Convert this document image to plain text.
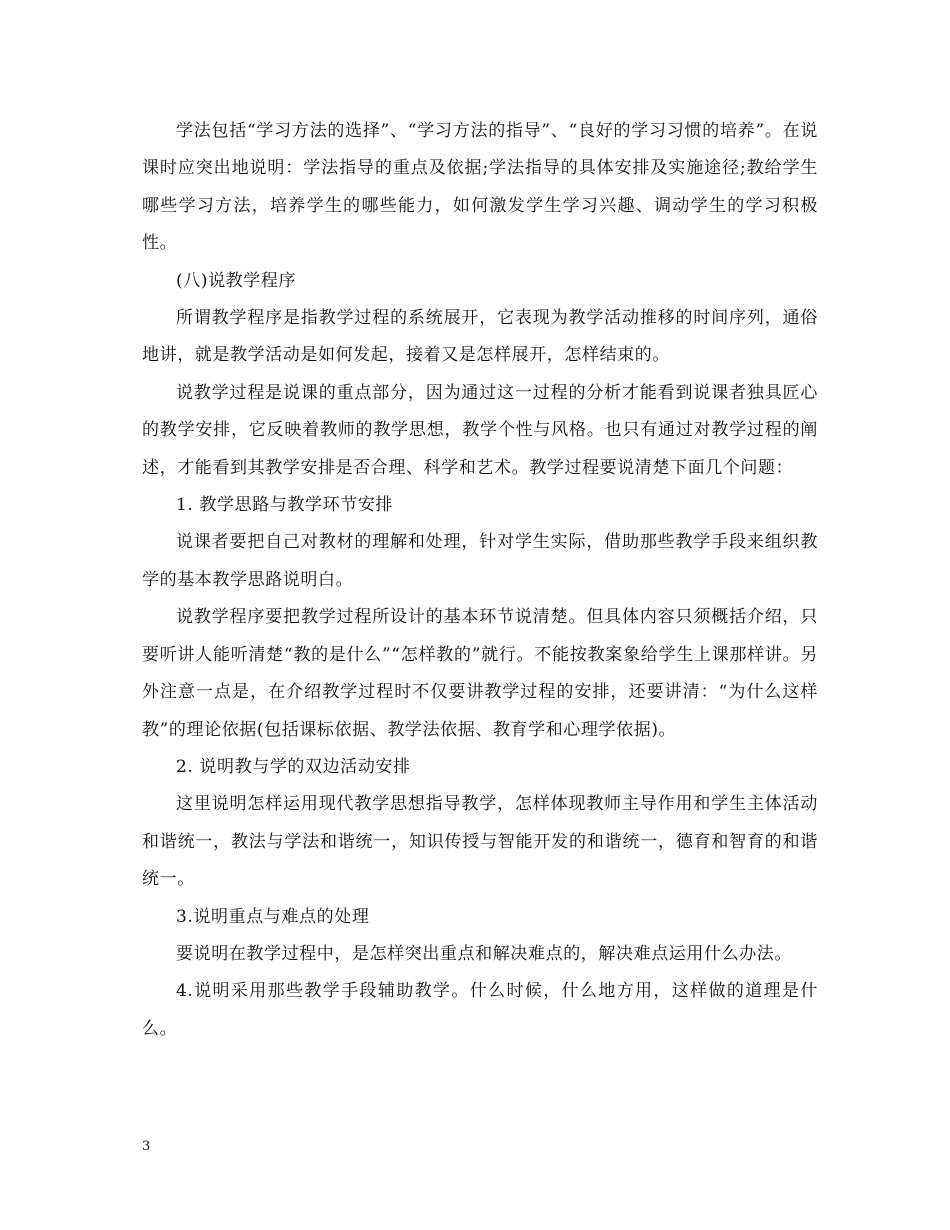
学法包括“学习方法的选择”、“学习方法的指导”、“良好的学习习惯的培养”。在说课时应突出地说明：学法指导的重点及依据;学法指导的具体安排及实施途径;教给学生哪些学习方法，培养学生的哪些能力，如何激发学生学习兴趣、调动学生的学习积极性。

(八)说教学程序

所谓教学程序是指教学过程的系统展开，它表现为教学活动推移的时间序列，通俗地讲，就是教学活动是如何发起，接着又是怎样展开，怎样结束的。

说教学过程是说课的重点部分，因为通过这一过程的分析才能看到说课者独具匠心的教学安排，它反映着教师的教学思想，教学个性与风格。也只有通过对教学过程的阐述，才能看到其教学安排是否合理、科学和艺术。教学过程要说清楚下面几个问题：

1. 教学思路与教学环节安排

说课者要把自己对教材的理解和处理，针对学生实际，借助那些教学手段来组织教学的基本教学思路说明白。

说教学程序要把教学过程所设计的基本环节说清楚。但具体内容只须概括介绍，只要听讲人能听清楚“教的是什么”“怎样教的”就行。不能按教案象给学生上课那样讲。另外注意一点是，在介绍教学过程时不仅要讲教学过程的安排，还要讲清：“为什么这样教”的理论依据(包括课标依据、教学法依据、教育学和心理学依据)。

2. 说明教与学的双边活动安排

这里说明怎样运用现代教学思想指导教学，怎样体现教师主导作用和学生主体活动和谐统一，教法与学法和谐统一，知识传授与智能开发的和谐统一，德育和智育的和谐统一。

3.说明重点与难点的处理

要说明在教学过程中，是怎样突出重点和解决难点的，解决难点运用什么办法。

4.说明采用那些教学手段辅助教学。什么时候，什么地方用，这样做的道理是什么。

3
